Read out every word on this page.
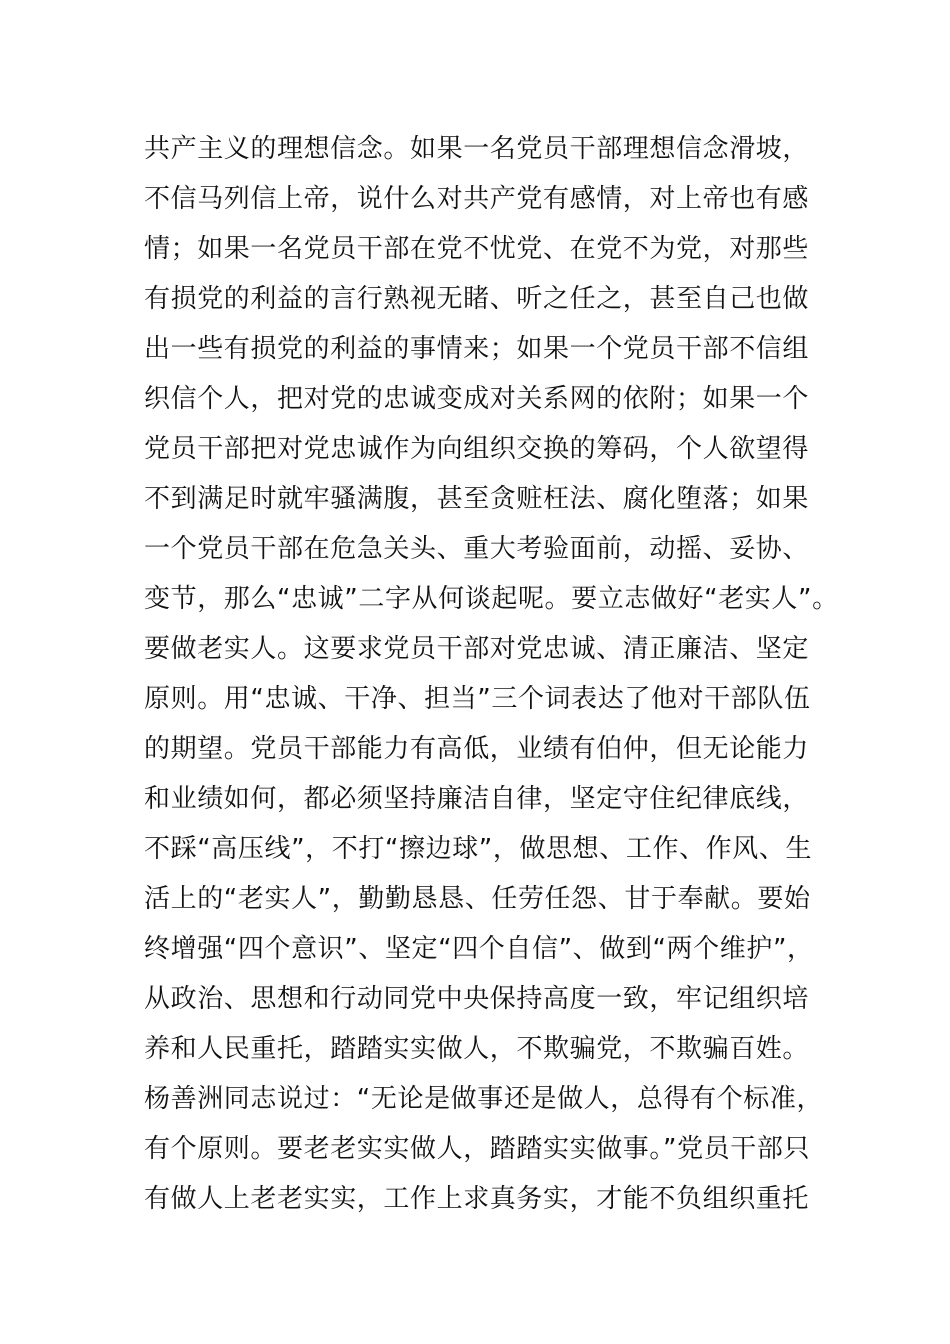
共产主义的理想信念。如果一名党员干部理想信念滑坡，
不信马列信上帝，说什么对共产党有感情，对上帝也有感
情；如果一名党员干部在党不忧党、在党不为党，对那些
有损党的利益的言行熟视无睹、听之任之，甚至自己也做
出一些有损党的利益的事情来；如果一个党员干部不信组
织信个人，把对党的忠诚变成对关系网的依附；如果一个
党员干部把对党忠诚作为向组织交换的筹码，个人欲望得
不到满足时就牢骚满腹，甚至贪赃枉法、腐化堕落；如果
一个党员干部在危急关头、重大考验面前，动摇、妥协、
变节，那么“忠诚”二字从何谈起呢。要立志做好“老实人”。
要做老实人。这要求党员干部对党忠诚、清正廉洁、坚定
原则。用“忠诚、干净、担当”三个词表达了他对干部队伍
的期望。党员干部能力有高低，业绩有伯仲，但无论能力
和业绩如何，都必须坚持廉洁自律，坚定守住纪律底线，
不踩“高压线”，不打“擦边球”，做思想、工作、作风、生
活上的“老实人”，勤勤恳恳、任劳任怨、甘于奉献。要始
终增强“四个意识”、坚定“四个自信”、做到“两个维护”，
从政治、思想和行动同党中央保持高度一致，牢记组织培
养和人民重托，踏踏实实做人，不欺骗党，不欺骗百姓。
杨善洲同志说过：“无论是做事还是做人，总得有个标准，
有个原则。要老老实实做人，踏踏实实做事。”党员干部只
有做人上老老实实，工作上求真务实，才能不负组织重托
